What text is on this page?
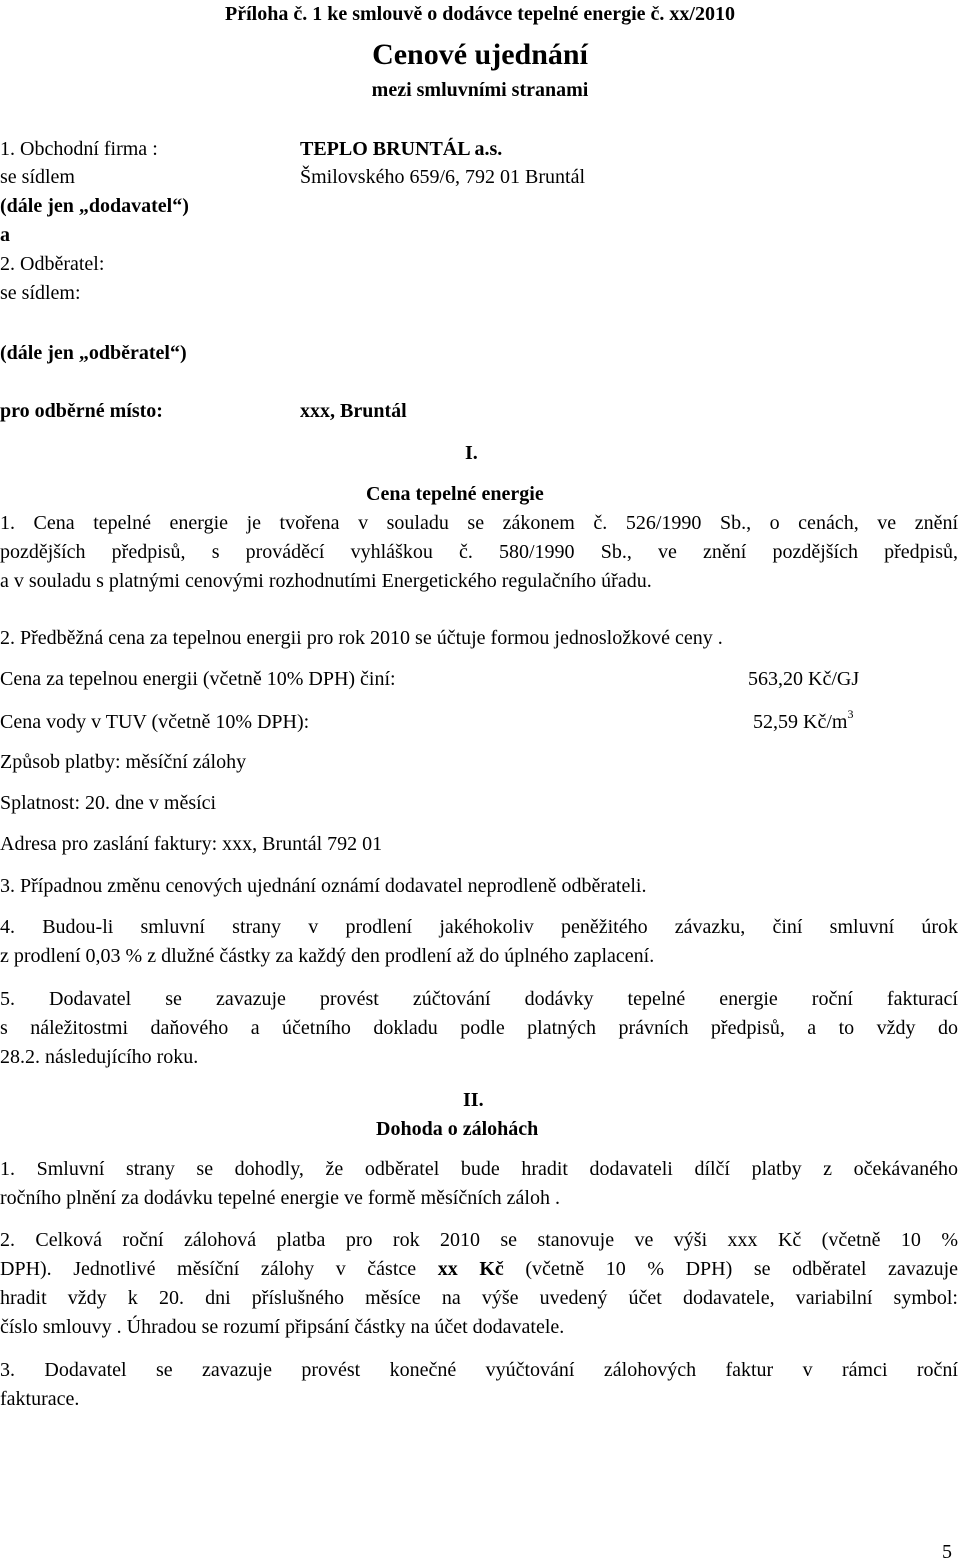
Příloha č. 1 ke smlouvě o dodávce tepelné energie č. xx/2010
Cenové ujednání
mezi smluvními stranami
1. Obchodní firma :	TEPLO BRUNTÁL a.s.
se sídlem	Šmilovského 659/6, 792 01 Bruntál
(dále jen „dodavatel“)
a
2. Odběratel:
se sídlem:
(dále jen „odběratel“)
pro odběrné místo:	xxx, Bruntál
I.
Cena tepelné energie
1. Cena tepelné energie je tvořena v souladu se zákonem č. 526/1990 Sb., o cenách, ve znění
pozdějších předpisů, s prováděcí vyhláškou č. 580/1990 Sb., ve znění pozdějších předpisů,
a v souladu s platnými cenovými rozhodnutími Energetického regulačního úřadu.
2. Předběžná cena za tepelnou energii pro rok 2010 se účtuje formou jednosložkové ceny .
Cena za tepelnou energii (včetně 10% DPH) činí:	563,20 Kč/GJ
Cena vody v TUV (včetně 10% DPH):	52,59 $Kč/m^3$
Způsob platby: měsíční zálohy
Splatnost: 20. dne v měsíci
Adresa pro zaslání faktury: xxx, Bruntál 792 01
3. Případnou změnu cenových ujednání oznámí dodavatel neprodleně odběrateli.
4. Budou-li smluvní strany v prodlení jakéhokoliv peněžitého závazku, činí smluvní úrok
z prodlení 0,03 % z dlužné částky za každý den prodlení až do úplného zaplacení.
5. Dodavatel se zavazuje provést zúčtování dodávky tepelné energie roční fakturací
s náležitostmi daňového a účetního dokladu podle platných právních předpisů, a to vždy do
28.2. následujícího roku.
II.
Dohoda o zálohách
1. Smluvní strany se dohodly, že odběratel bude hradit dodavateli dílčí platby z očekávaného
ročního plnění za dodávku tepelné energie ve formě měsíčních záloh .
2. Celková roční zálohová platba pro rok 2010 se stanovuje ve výši xxx Kč (včetně 10 %
DPH). Jednotlivé měsíční zálohy v částce xx Kč (včetně 10 % DPH) se odběratel zavazuje
hradit vždy k 20. dni příslušného měsíce na výše uvedený účet dodavatele, variabilní symbol:
číslo smlouvy . Úhradou se rozumí připsání částky na účet dodavatele.
3. Dodavatel se zavazuje provést konečné vyúčtování zálohových faktur v rámci roční
fakturace.
5
